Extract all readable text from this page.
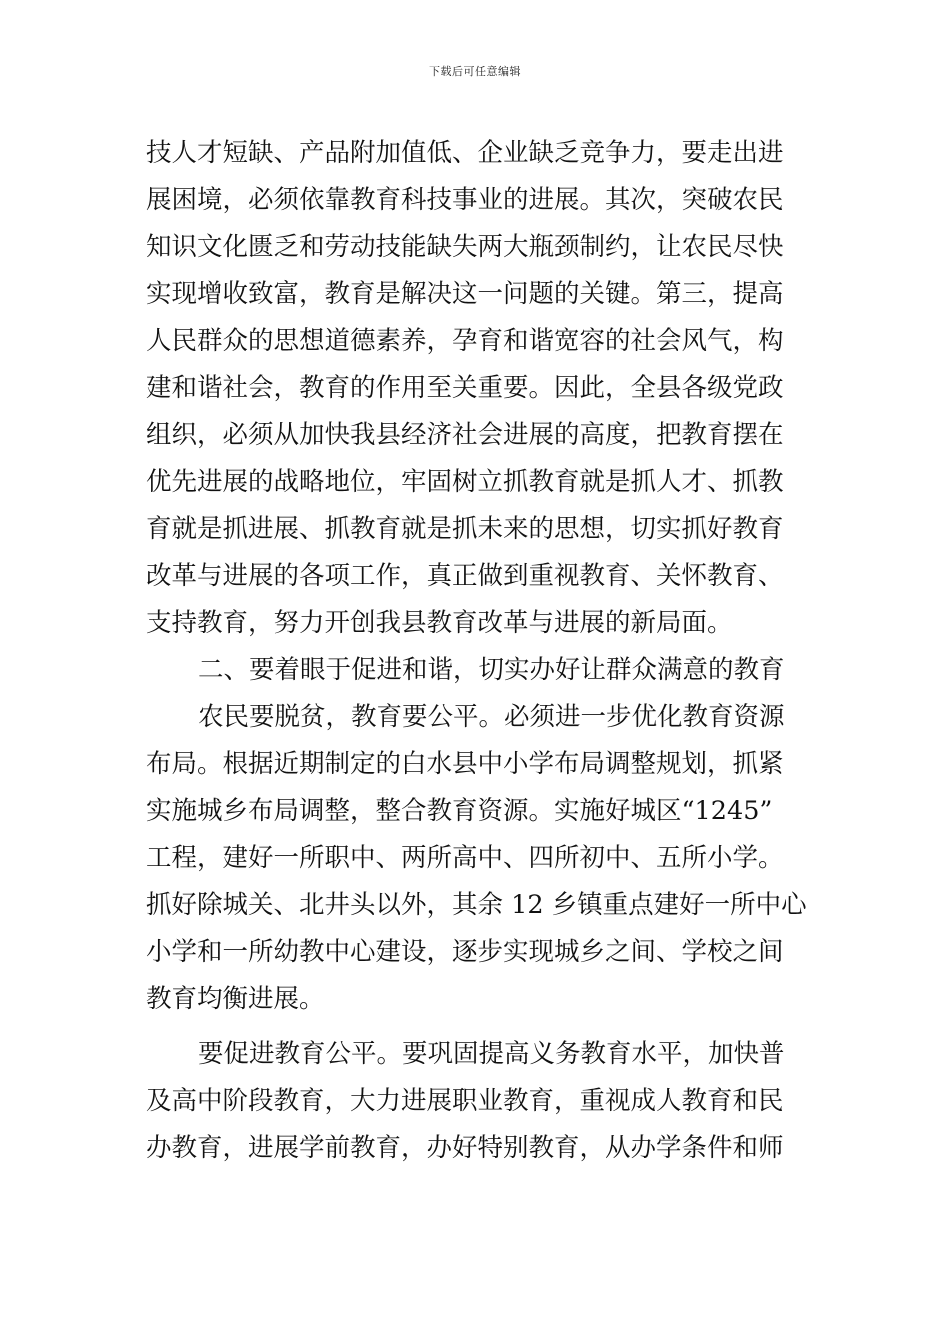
下载后可任意编辑
技人才短缺、产品附加值低、企业缺乏竞争力，要走出进
展困境，必须依靠教育科技事业的进展。其次，突破农民
知识文化匮乏和劳动技能缺失两大瓶颈制约，让农民尽快
实现增收致富，教育是解决这一问题的关键。第三，提高
人民群众的思想道德素养，孕育和谐宽容的社会风气，构
建和谐社会，教育的作用至关重要。因此，全县各级党政
组织，必须从加快我县经济社会进展的高度，把教育摆在
优先进展的战略地位，牢固树立抓教育就是抓人才、抓教
育就是抓进展、抓教育就是抓未来的思想，切实抓好教育
改革与进展的各项工作，真正做到重视教育、关怀教育、
支持教育，努力开创我县教育改革与进展的新局面。
二、要着眼于促进和谐，切实办好让群众满意的教育
农民要脱贫，教育要公平。必须进一步优化教育资源
布局。根据近期制定的白水县中小学布局调整规划，抓紧
实施城乡布局调整，整合教育资源。实施好城区“1245”
工程，建好一所职中、两所高中、四所初中、五所小学。
抓好除城关、北井头以外，其余 12 乡镇重点建好一所中心
小学和一所幼教中心建设，逐步实现城乡之间、学校之间
教育均衡进展。
要促进教育公平。要巩固提高义务教育水平，加快普
及高中阶段教育，大力进展职业教育，重视成人教育和民
办教育，进展学前教育，办好特别教育，从办学条件和师
